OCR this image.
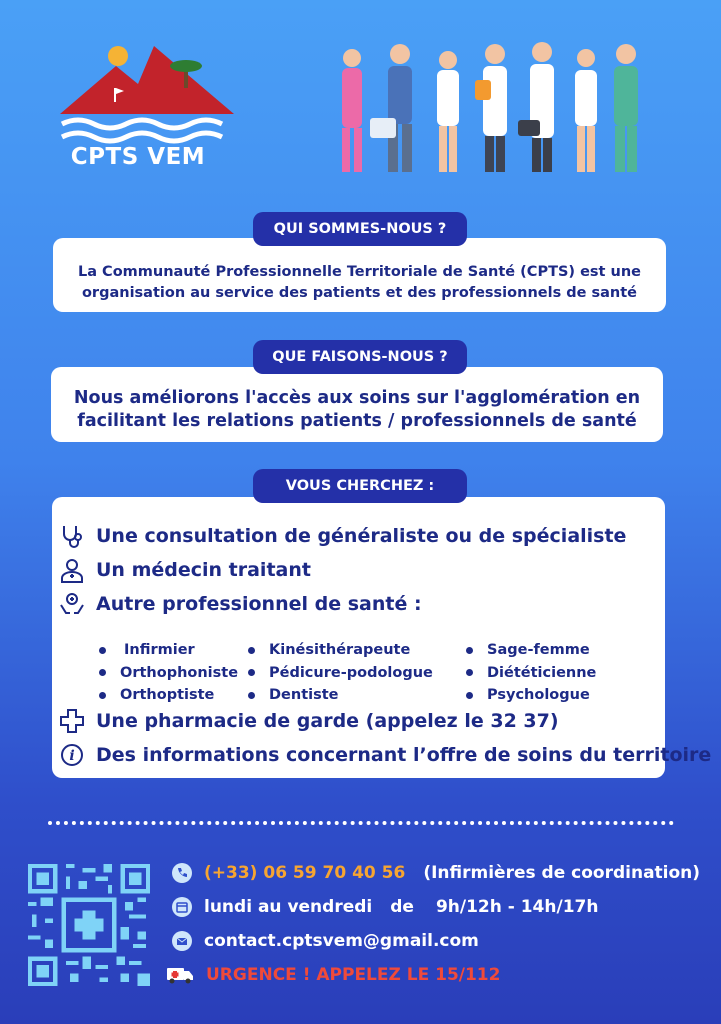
CPTS VEM
QUI SOMMES-NOUS ?

La Communauté Professionnelle Territoriale de Santé (CPTS) est une

organisation au service des patients et des professionnels de santé

QUE FAISONS-NOUS ?

Nous améliorons l'accès aux soins sur l'agglomération en

facilitant les relations patients / professionnels de santé

VOUS CHERCHEZ :
Une consultation de généraliste ou de spécialiste
Un médecin traitant
Autre professionnel de santé :
Infirmier
Orthophoniste
Orthoptiste
Kinésithérapeute
Pédicure-podologue
Dentiste
Sage-femme
Diététicienne
Psychologue
Une pharmacie de garde (appelez le 32 37)
i Des informations concernant l’offre de soins du territoire
(+33) 06 59 70 40 56 (Infirmières de coordination)
lundi au vendredi de 9h/12h - 14h/17h
contact.cptsvem@gmail.com
URGENCE ! APPELEZ LE 15/112
